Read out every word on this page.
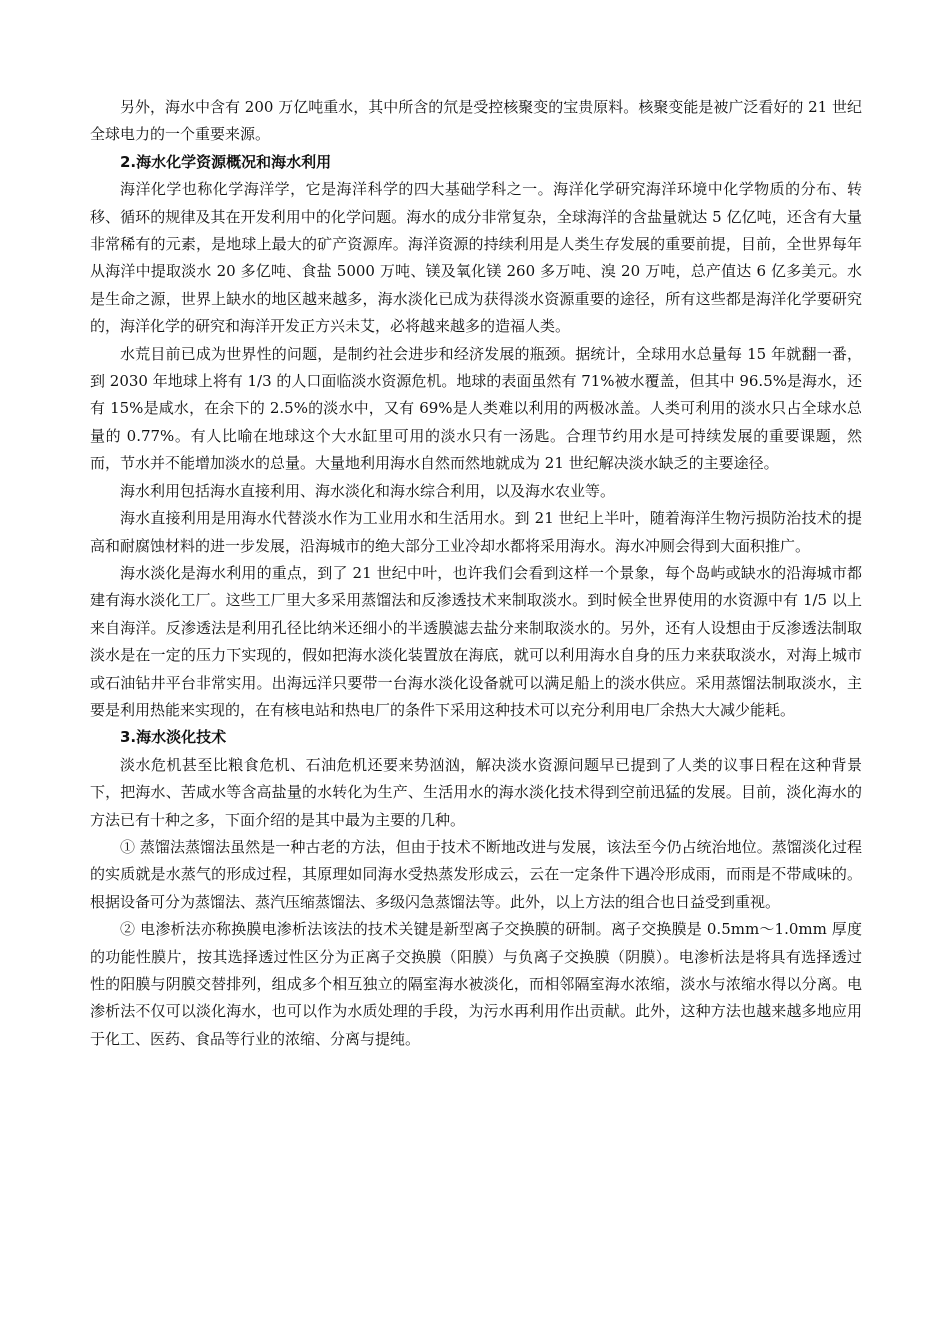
另外，海水中含有 200 万亿吨重水，其中所含的氘是受控核聚变的宝贵原料。核聚变能是被广泛看好的 21 世纪全球电力的一个重要来源。

2.海水化学资源概况和海水利用

海洋化学也称化学海洋学，它是海洋科学的四大基础学科之一。海洋化学研究海洋环境中化学物质的分布、转移、循环的规律及其在开发利用中的化学问题。海水的成分非常复杂，全球海洋的含盐量就达 5 亿亿吨，还含有大量非常稀有的元素，是地球上最大的矿产资源库。海洋资源的持续利用是人类生存发展的重要前提，目前，全世界每年从海洋中提取淡水 20 多亿吨、食盐 5000 万吨、镁及氧化镁 260 多万吨、溴 20 万吨，总产值达 6 亿多美元。水是生命之源，世界上缺水的地区越来越多，海水淡化已成为获得淡水资源重要的途径，所有这些都是海洋化学要研究的，海洋化学的研究和海洋开发正方兴未艾，必将越来越多的造福人类。

水荒目前已成为世界性的问题，是制约社会进步和经济发展的瓶颈。据统计，全球用水总量每 15 年就翻一番，到 2030 年地球上将有 1/3 的人口面临淡水资源危机。地球的表面虽然有 71%被水覆盖，但其中 96.5%是海水，还有 15%是咸水，在余下的 2.5%的淡水中，又有 69%是人类难以利用的两极冰盖。人类可利用的淡水只占全球水总量的 0.77%。有人比喻在地球这个大水缸里可用的淡水只有一汤匙。合理节约用水是可持续发展的重要课题，然而，节水并不能增加淡水的总量。大量地利用海水自然而然地就成为 21 世纪解决淡水缺乏的主要途径。

海水利用包括海水直接利用、海水淡化和海水综合利用，以及海水农业等。

海水直接利用是用海水代替淡水作为工业用水和生活用水。到 21 世纪上半叶，随着海洋生物污损防治技术的提高和耐腐蚀材料的进一步发展，沿海城市的绝大部分工业冷却水都将采用海水。海水冲厕会得到大面积推广。

海水淡化是海水利用的重点，到了 21 世纪中叶，也许我们会看到这样一个景象，每个岛屿或缺水的沿海城市都建有海水淡化工厂。这些工厂里大多采用蒸馏法和反渗透技术来制取淡水。到时候全世界使用的水资源中有 1/5 以上来自海洋。反渗透法是利用孔径比纳米还细小的半透膜滤去盐分来制取淡水的。另外，还有人设想由于反渗透法制取淡水是在一定的压力下实现的，假如把海水淡化装置放在海底，就可以利用海水自身的压力来获取淡水，对海上城市或石油钻井平台非常实用。出海远洋只要带一台海水淡化设备就可以满足船上的淡水供应。采用蒸馏法制取淡水，主要是利用热能来实现的，在有核电站和热电厂的条件下采用这种技术可以充分利用电厂余热大大减少能耗。

3.海水淡化技术

淡水危机甚至比粮食危机、石油危机还要来势汹汹，解决淡水资源问题早已提到了人类的议事日程在这种背景下，把海水、苦咸水等含高盐量的水转化为生产、生活用水的海水淡化技术得到空前迅猛的发展。目前，淡化海水的方法已有十种之多，下面介绍的是其中最为主要的几种。

① 蒸馏法蒸馏法虽然是一种古老的方法，但由于技术不断地改进与发展，该法至今仍占统治地位。蒸馏淡化过程的实质就是水蒸气的形成过程，其原理如同海水受热蒸发形成云，云在一定条件下遇冷形成雨，而雨是不带咸味的。根据设备可分为蒸馏法、蒸汽压缩蒸馏法、多级闪急蒸馏法等。此外，以上方法的组合也日益受到重视。

② 电渗析法亦称换膜电渗析法该法的技术关键是新型离子交换膜的研制。离子交换膜是 0.5mm～1.0mm 厚度的功能性膜片，按其选择透过性区分为正离子交换膜（阳膜）与负离子交换膜（阴膜）。电渗析法是将具有选择透过性的阳膜与阴膜交替排列，组成多个相互独立的隔室海水被淡化，而相邻隔室海水浓缩，淡水与浓缩水得以分离。电渗析法不仅可以淡化海水，也可以作为水质处理的手段，为污水再利用作出贡献。此外，这种方法也越来越多地应用于化工、医药、食品等行业的浓缩、分离与提纯。
